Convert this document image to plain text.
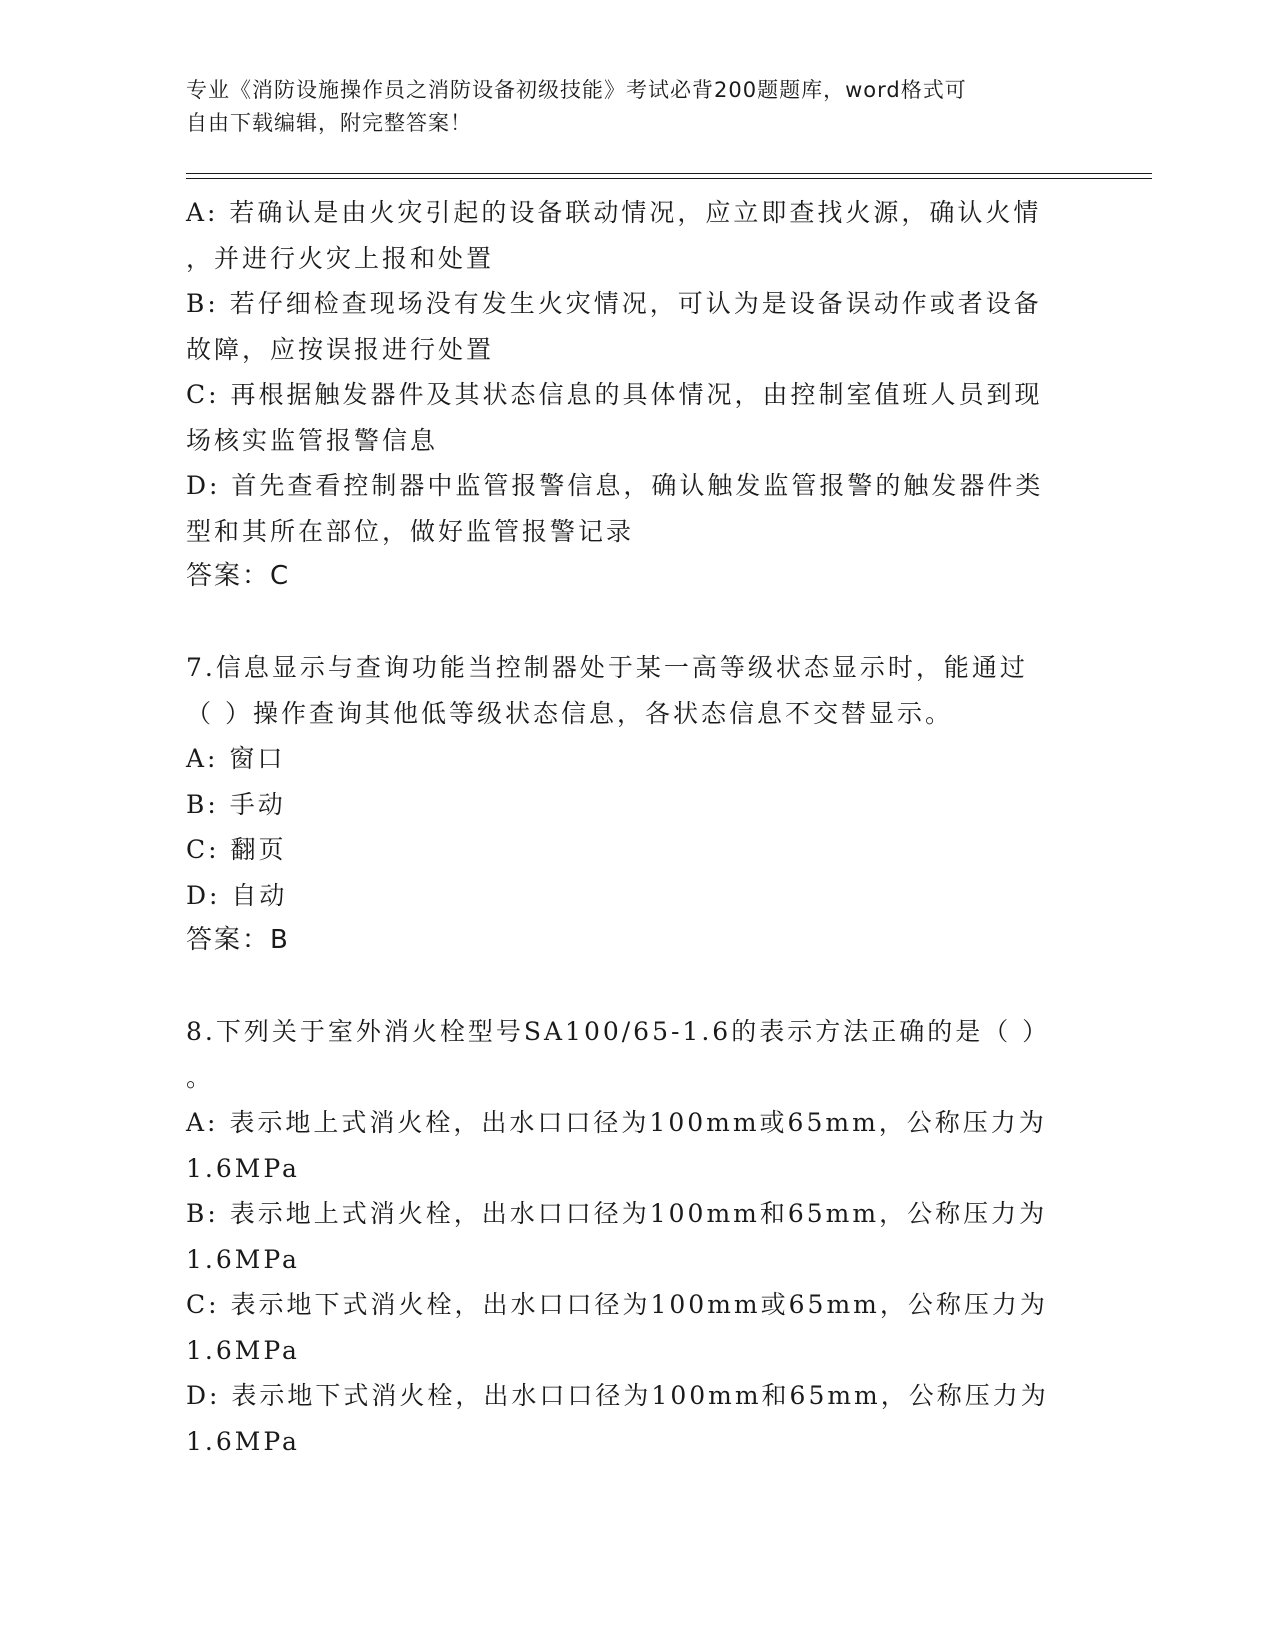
专业《消防设施操作员之消防设备初级技能》考试必背200题题库，word格式可
自由下载编辑，附完整答案！
A: 若确认是由火灾引起的设备联动情况，应立即查找火源，确认火情
，并进行火灾上报和处置
B: 若仔细检查现场没有发生火灾情况，可认为是设备误动作或者设备
故障，应按误报进行处置
C: 再根据触发器件及其状态信息的具体情况，由控制室值班人员到现
场核实监管报警信息
D: 首先查看控制器中监管报警信息，确认触发监管报警的触发器件类
型和其所在部位，做好监管报警记录
答案：C
7.信息显示与查询功能当控制器处于某一高等级状态显示时，能通过
（ ）操作查询其他低等级状态信息，各状态信息不交替显示。
A: 窗口
B: 手动
C: 翻页
D: 自动
答案：B
8.下列关于室外消火栓型号SA100/65-1.6的表示方法正确的是（ ）
。
A: 表示地上式消火栓，出水口口径为100mm或65mm，公称压力为
1.6MPa
B: 表示地上式消火栓，出水口口径为100mm和65mm，公称压力为
1.6MPa
C: 表示地下式消火栓，出水口口径为100mm或65mm，公称压力为
1.6MPa
D: 表示地下式消火栓，出水口口径为100mm和65mm，公称压力为
1.6MPa
